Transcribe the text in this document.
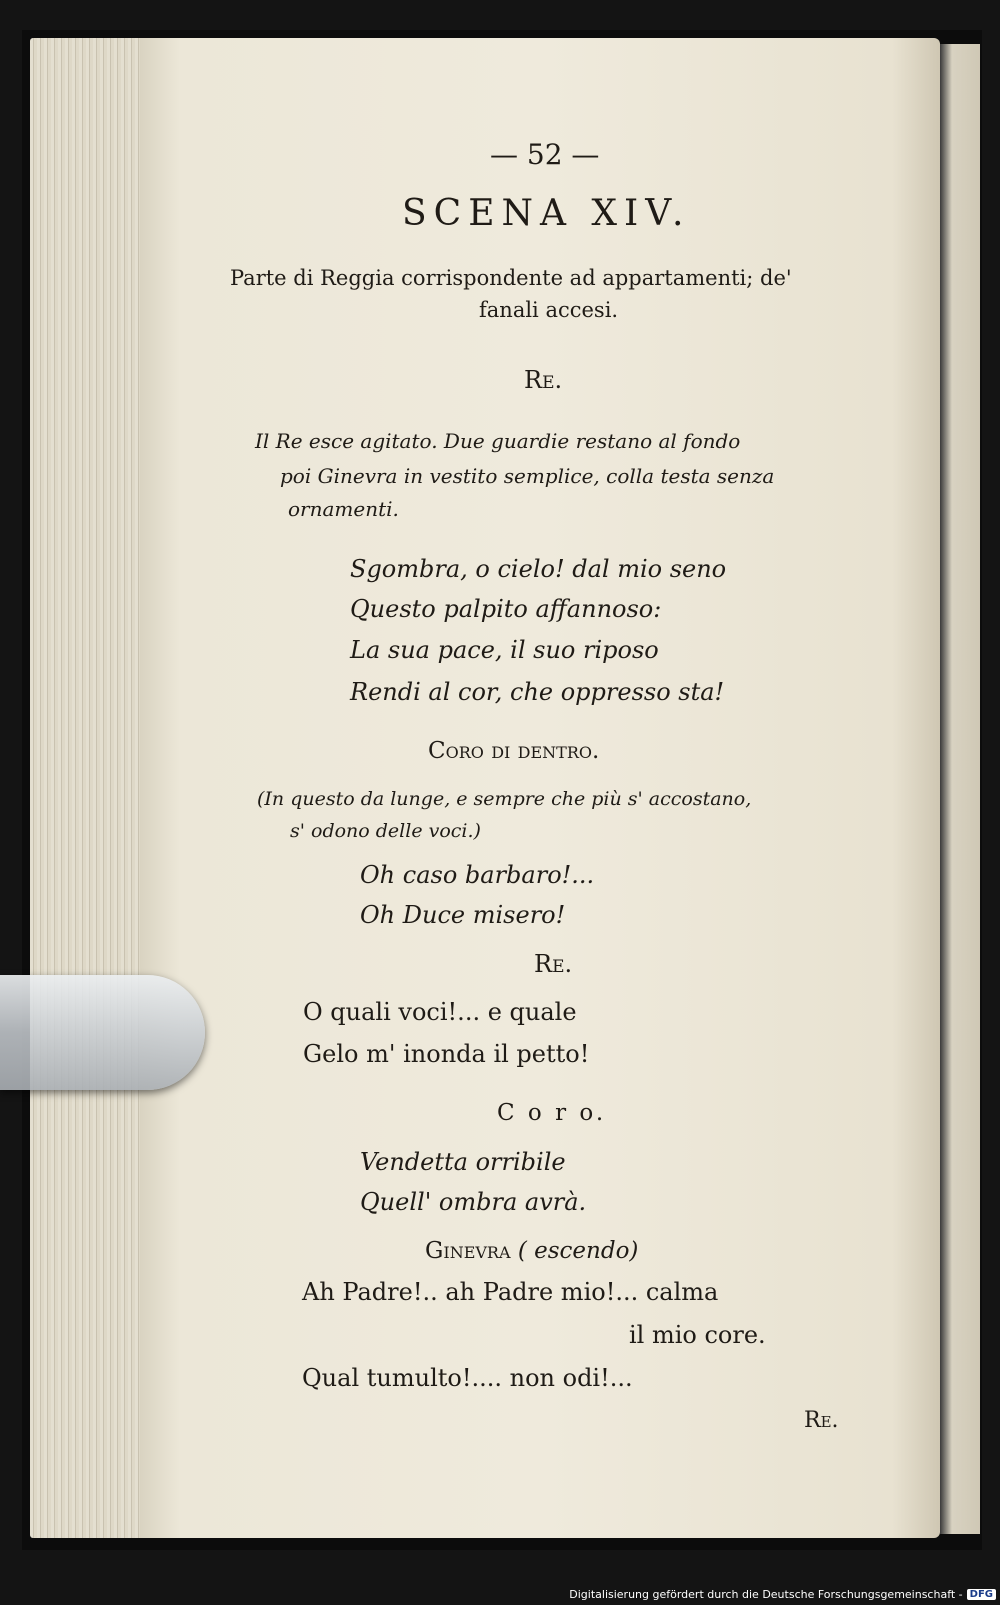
— 52 —
SCENA XIV.
Parte di Reggia corrispondente ad appartamenti; de'
fanali accesi.
Re.
Il Re esce agitato. Due guardie restano al fondo
poi Ginevra in vestito semplice, colla testa senza
ornamenti.
Sgombra, o cielo! dal mio seno
Questo palpito affannoso:
La sua pace, il suo riposo
Rendi al cor, che oppresso sta!
Coro di dentro.
(In questo da lunge, e sempre che più s' accostano,
s' odono delle voci.)
Oh caso barbaro!...
Oh Duce misero!
Re.
O quali voci!... e quale
Gelo m' inonda il petto!
C o r o.
Vendetta orribile
Quell' ombra avrà.
Ginevra ( escendo)
Ah Padre!.. ah Padre mio!... calma
il mio core.
Qual tumulto!.... non odi!...
Re.
Digitalisierung gefördert durch die Deutsche Forschungsgemeinschaft - DFG
